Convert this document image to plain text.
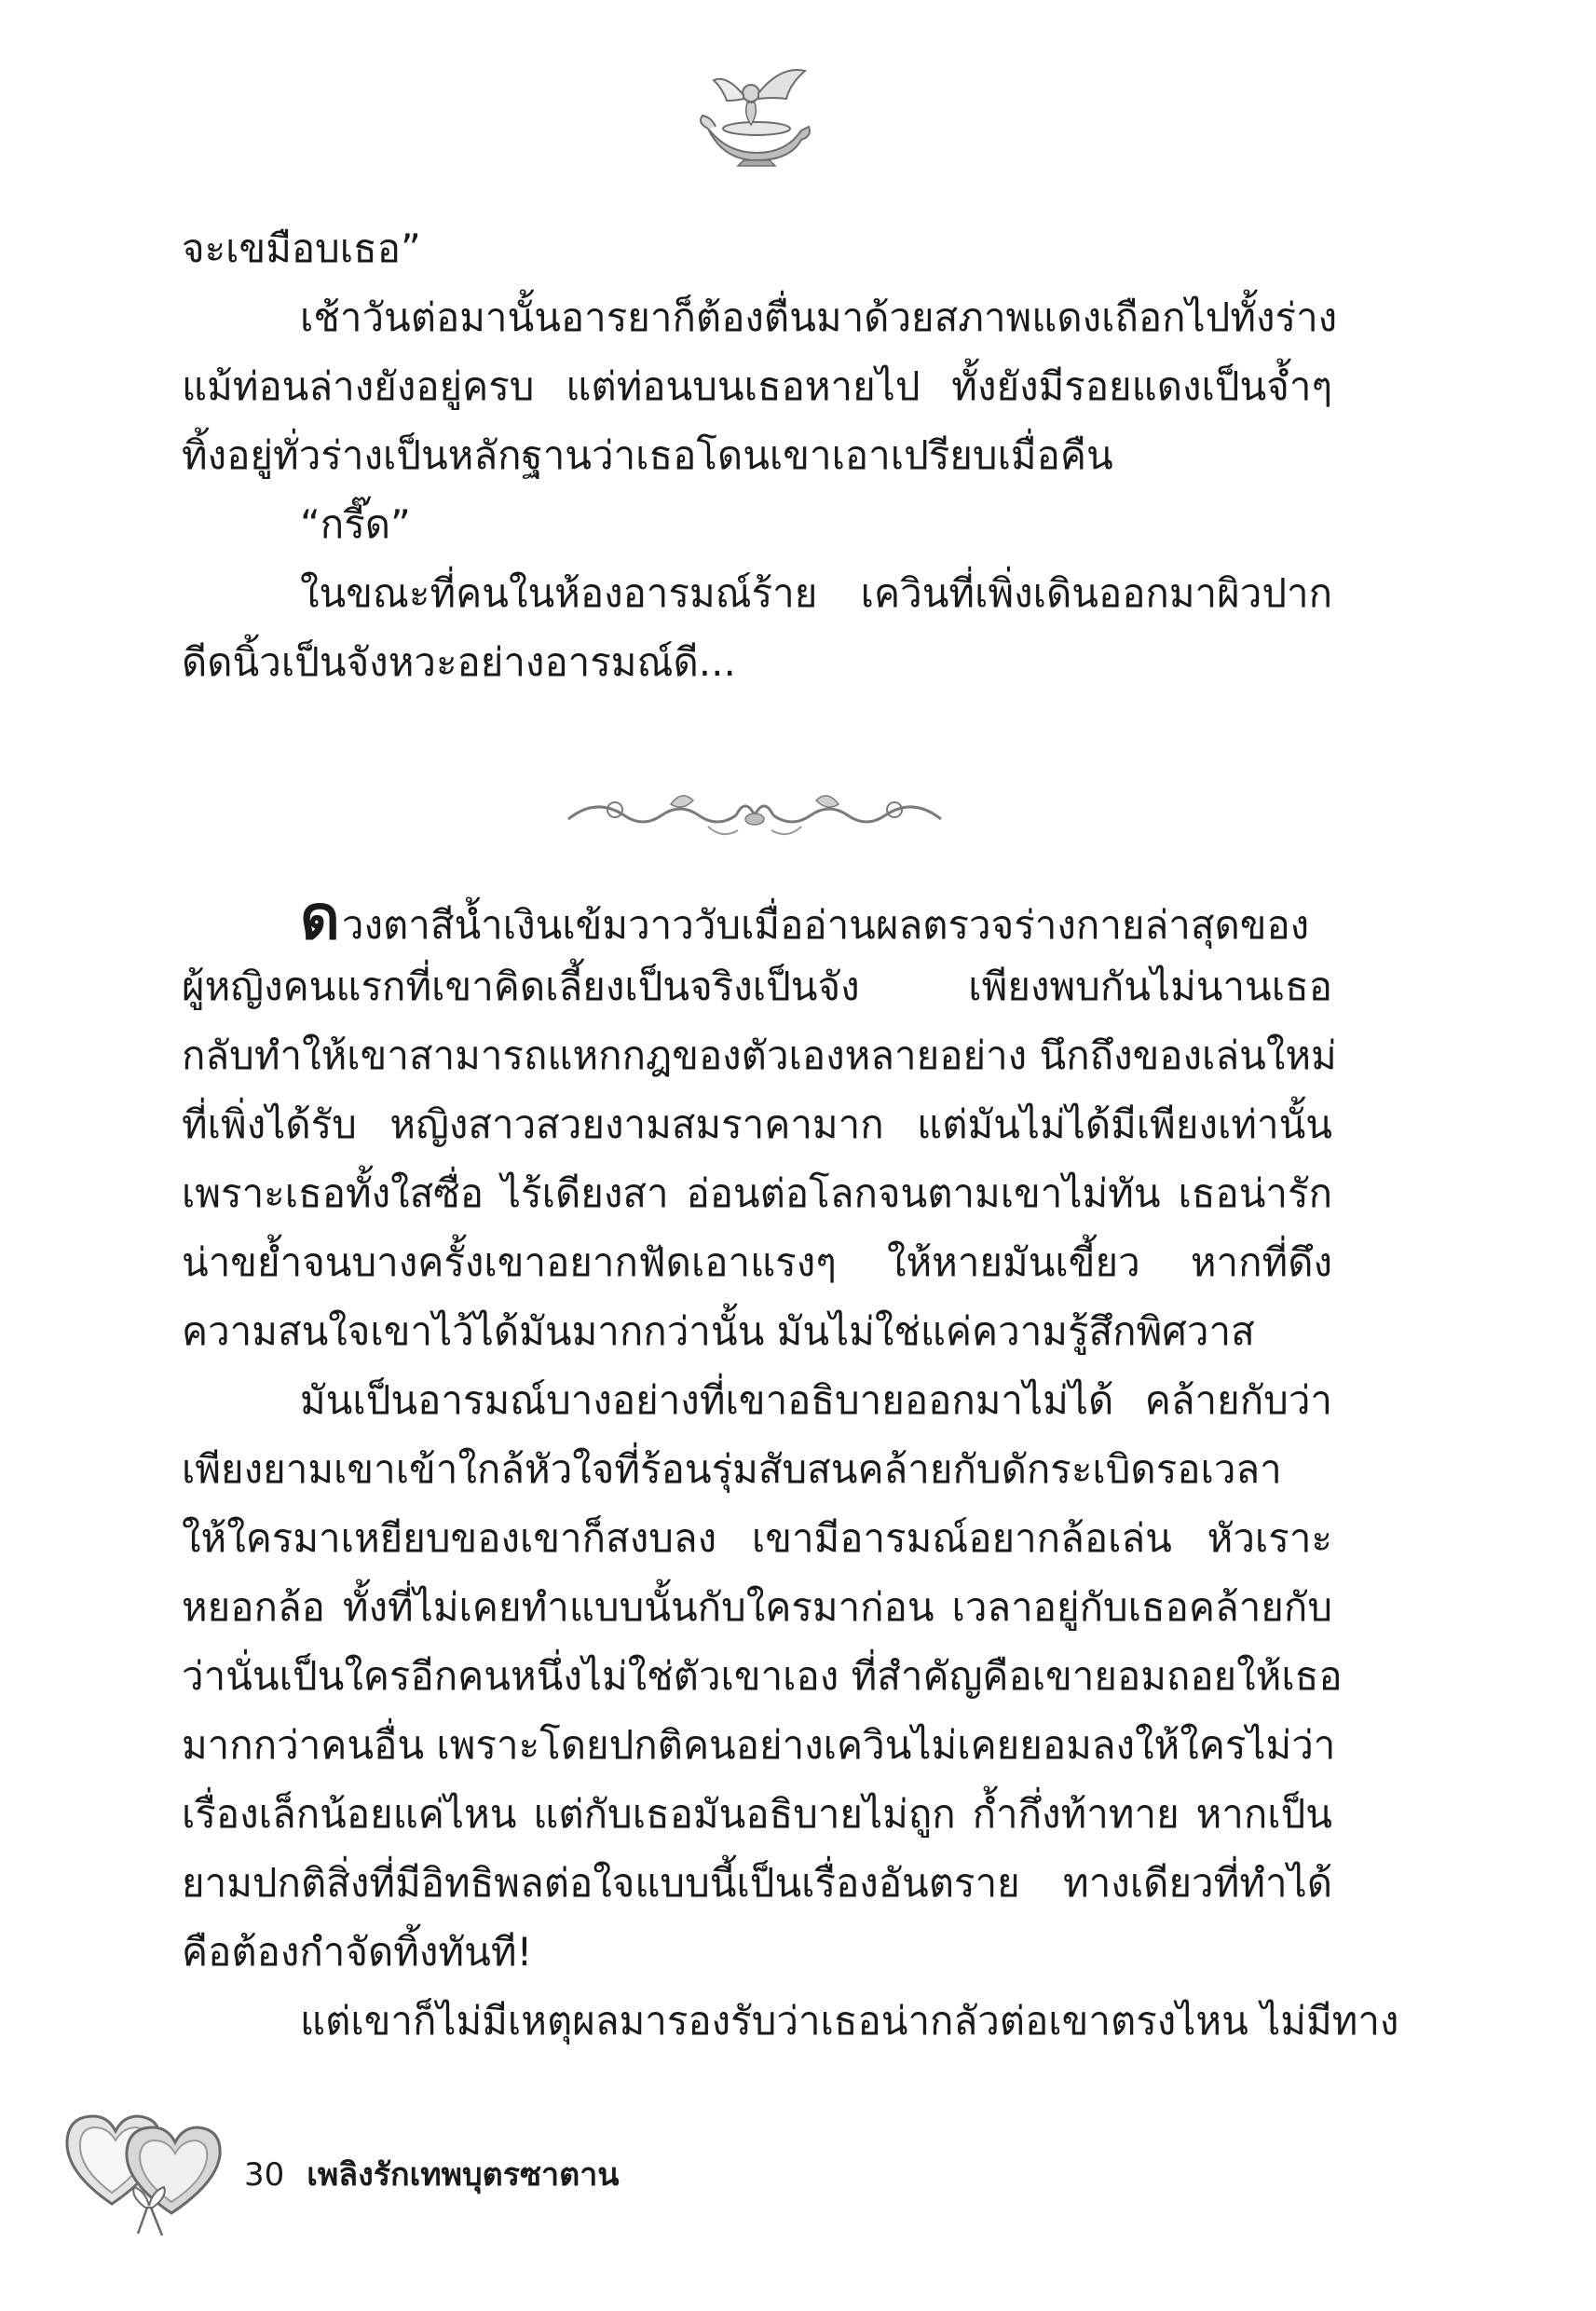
จะเขมือบเธอ”
เช้าวันต่อมานั้นอารยาก็ต้องตื่นมาด้วยสภาพแดงเถือกไปทั้งร่าง
แม้ท่อนล่างยังอยู่ครบ แต่ท่อนบนเธอหายไป ทั้งยังมีรอยแดงเป็นจ้ำๆ
ทิ้งอยู่ทั่วร่างเป็นหลักฐานว่าเธอโดนเขาเอาเปรียบเมื่อคืน
“กรี๊ด”
ในขณะที่คนในห้องอารมณ์ร้าย เควินที่เพิ่งเดินออกมาผิวปาก
ดีดนิ้วเป็นจังหวะอย่างอารมณ์ดี...
ดวงตาสีน้ำเงินเข้มวาววับเมื่ออ่านผลตรวจร่างกายล่าสุดของ
ผู้หญิงคนแรกที่เขาคิดเลี้ยงเป็นจริงเป็นจัง เพียงพบกันไม่นานเธอ
กลับทำให้เขาสามารถแหกกฎของตัวเองหลายอย่าง นึกถึงของเล่นใหม่
ที่เพิ่งได้รับ หญิงสาวสวยงามสมราคามาก แต่มันไม่ได้มีเพียงเท่านั้น
เพราะเธอทั้งใสซื่อ ไร้เดียงสา อ่อนต่อโลกจนตามเขาไม่ทัน เธอน่ารัก
น่าขย้ำจนบางครั้งเขาอยากฟัดเอาแรงๆ ให้หายมันเขี้ยว หากที่ดึง
ความสนใจเขาไว้ได้มันมากกว่านั้น มันไม่ใช่แค่ความรู้สึกพิศวาส
มันเป็นอารมณ์บางอย่างที่เขาอธิบายออกมาไม่ได้ คล้ายกับว่า
เพียงยามเขาเข้าใกล้หัวใจที่ร้อนรุ่มสับสนคล้ายกับดักระเบิดรอเวลา
ให้ใครมาเหยียบของเขาก็สงบลง เขามีอารมณ์อยากล้อเล่น หัวเราะ
หยอกล้อ ทั้งที่ไม่เคยทำแบบนั้นกับใครมาก่อน เวลาอยู่กับเธอคล้ายกับ
ว่านั่นเป็นใครอีกคนหนึ่งไม่ใช่ตัวเขาเอง ที่สำคัญคือเขายอมถอยให้เธอ
มากกว่าคนอื่น เพราะโดยปกติคนอย่างเควินไม่เคยยอมลงให้ใครไม่ว่า
เรื่องเล็กน้อยแค่ไหน แต่กับเธอมันอธิบายไม่ถูก ก้ำกึ่งท้าทาย หากเป็น
ยามปกติสิ่งที่มีอิทธิพลต่อใจแบบนี้เป็นเรื่องอันตราย ทางเดียวที่ทำได้
คือต้องกำจัดทิ้งทันที!
แต่เขาก็ไม่มีเหตุผลมารองรับว่าเธอน่ากลัวต่อเขาตรงไหน ไม่มีทาง
30 เพลิงรักเทพบุตรซาตาน
